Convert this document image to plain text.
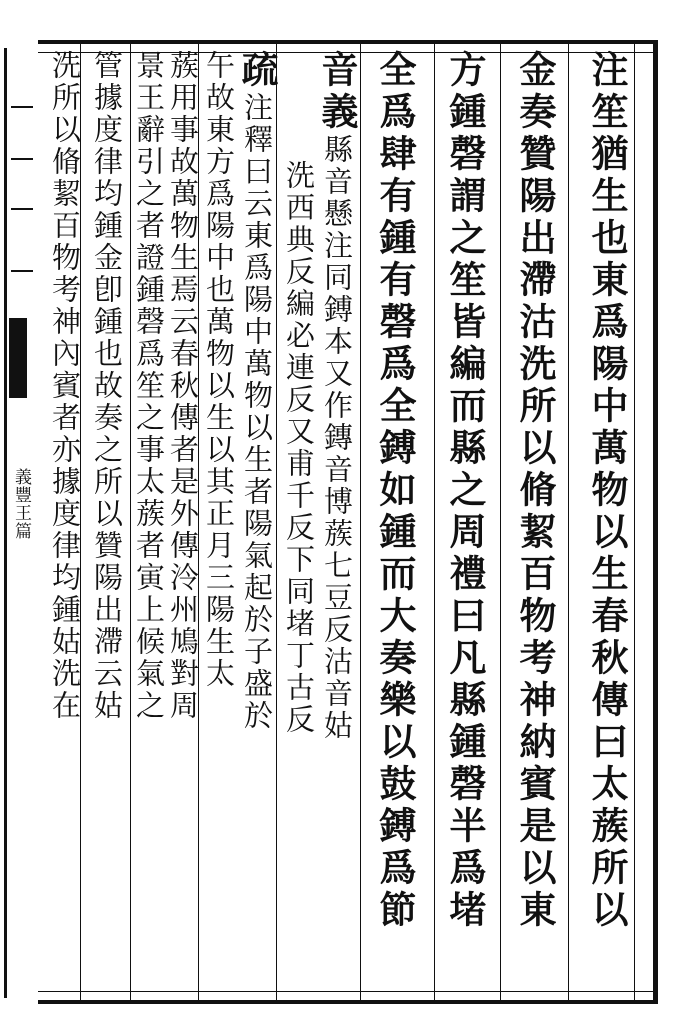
義豐王篇	注笙猶生也東爲陽中萬物以生春秋傳曰太蔟所以
金奏贊陽出滯沽洗所以脩絜百物考神納賓是以東
方鍾磬謂之笙皆編而縣之周禮曰凡縣鍾磬半爲堵
全爲肆有鍾有磬爲全鎛如鍾而大奏樂以鼓鎛爲節
音義縣音懸注同鎛本又作鏄音博蔟七豆反沽音姑
洗西典反編必連反又甫千反下同堵丁古反
疏注釋曰云東爲陽中萬物以生者陽氣起於子盛於
午故東方爲陽中也萬物以生以其正月三陽生太
蔟用事故萬物生焉云春秋傳者是外傳泠州鳩對周
景王辭引之者證鍾磬爲笙之事太蔟者寅上候氣之
管據度律均鍾金卽鍾也故奏之所以贊陽出滯云姑
洗所以脩絜百物考神內賓者亦據度律均鍾姑洗在
